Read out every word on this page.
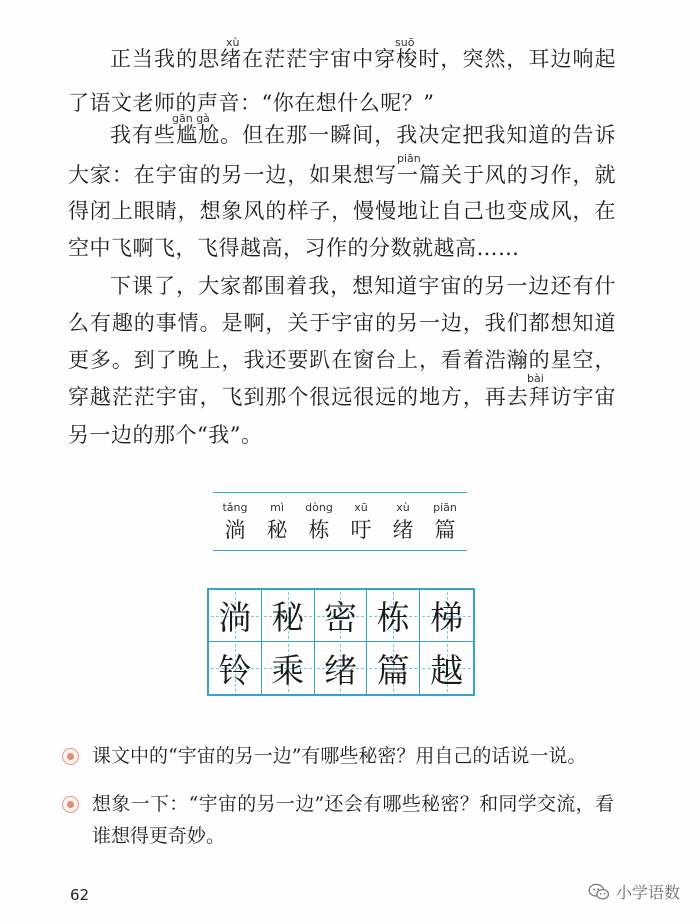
xù	suō
正当我的思绪在茫茫宇宙中穿梭时，突然，耳边响起
了语文老师的声音：“你在想什么呢？”
gān gà
piān
我有些尴尬。但在那一瞬间，我决定把我知道的告诉
大家：在宇宙的另一边，如果想写一篇关于风的习作，就
得闭上眼睛，想象风的样子，慢慢地让自己也变成风，在
空中飞啊飞，飞得越高，习作的分数就越高……
bài
下课了，大家都围着我，想知道宇宙的另一边还有什
么有趣的事情。是啊，关于宇宙的另一边，我们都想知道
更多。到了晚上，我还要趴在窗台上，看着浩瀚的星空，
穿越茫茫宇宙，飞到那个很远很远的地方，再去拜访宇宙
另一边的那个“我”。
tǎng
淌
mì
秘
dòng
栋
xū
吁
xù
绪
piān
篇
淌 秘 密 栋 梯
铃 乘 绪 篇 越
课文中的“宇宙的另一边”有哪些秘密？用自己的话说一说。
想象一下：“宇宙的另一边”还会有哪些秘密？和同学交流，看
谁想得更奇妙。
62	小学语数
